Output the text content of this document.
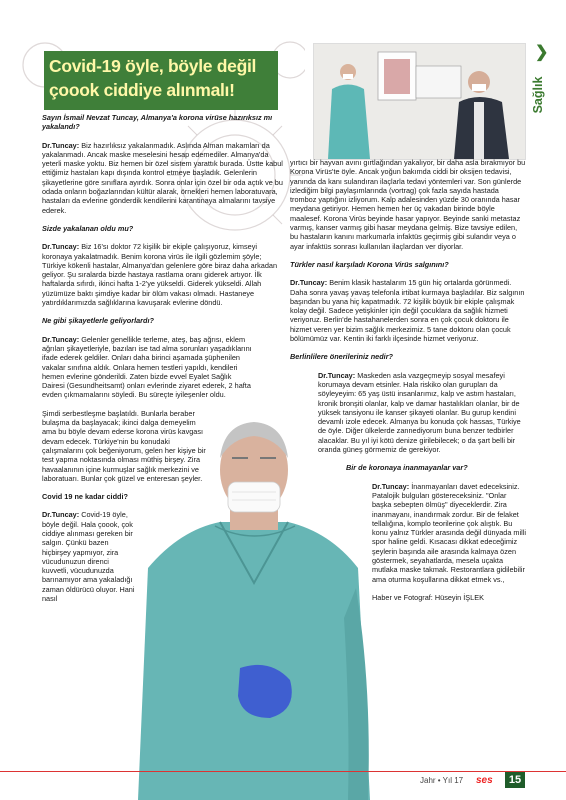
Covid-19 öyle, böyle değil
çoook ciddiye alınmalı!
❯
Sağlık

Sayın İsmail Nevzat Tuncay, Almanya'a korona virüse hazırıksız mı yakalandı?

Dr.Tuncay: Biz hazırlıksız yakalanmadık. Aslında Alman makamları da yakalanmadı. Ancak maske meselesini hesap edemediler. Almanya'da yeterli maske yoktu. Biz hemen bir özel sistem yarattık burada. Üstte kabul ettiğimiz hastaları kapı dışında kontrol etmeye başladık. Gelenlerin şikayetlerine göre sınıflara ayırdık. Sonra onlar için özel bir oda açtık ve bu odada onların boğazlarından kültür alarak, örnekleri hemen laboratuvara, hastaları da evlerine gönderdik kendilerini karantinaya almalarını tavsiye ederek.

Sizde yakalanan oldu mu?

Dr.Tuncay: Biz 16'sı doktor 72 kişilik bir ekiple çalışıyoruz, kimseyi koronaya yakalatmadık. Benim korona virüs ile ilgili gözlemim şöyle; Türkiye kökenli hastalar, Almanya'dan gelenlere göre biraz daha arkadan geliyor. Şu sıralarda bizde hastaya rastlama oranı giderek artıyor. İlk haftalarda sıfırdı, ikinci hafta 1-2'ye yükseldi. Giderek yükseldi. Allah yüzümüze baktı şimdiye kadar bir ölüm vakası olmadı. Hastaneye yatırdıklarımızda sağlıklarına kavuşarak evlerine döndü.

Ne gibi şikayetlerle geliyorlardı?

Dr.Tuncay: Gelenler genellikle terleme, ateş, baş ağrısı, eklem ağrıları şikayetleriyle, bazıları ise tad alma sorunları yaşadıklarını ifade ederek geldiler. Onları daha birinci aşamada şüphenilen vakalar sınıfına aldık. Onlara hemen testleri yapıldı, kendileri hemen evlerine gönderildi. Zaten bizde evvel Eyalet Sağlık Dairesi (Gesundheitsamt) onları evlerinde ziyaret ederek, 2 hafta evden çıkmamalarını söyledi. Bu süreçte iyileşenler oldu.

Şimdi serbestleşme başlatıldı. Bunlarla beraber bulaşma da başlayacak; ikinci dalga demeyelim ama bu böyle devam ederse korona virüs kavgası devam edecek. Türkiye'nin bu konudaki çalışmalarını çok beğeniyorum, gelen her kişiye bir test yapma noktasında olması müthiş birşey. Zira havaalanının içine kurmuşlar sağlık merkezini ve laboratuarı. Bunlar çok güzel ve enteresan şeyler.

Covid 19 ne kadar ciddi?

Dr.Tuncay: Covid-19 öyle, böyle değil. Hala çoook, çok ciddiye alınması gereken bir salgın. Çünkü bazen hiçbirşey yapmıyor, zira vücudunuzun direnci kuvvetli, vücudunuzda barınamıyor ama yakaladığı zaman öldürücü oluyor. Hani nasıl

yırtıcı bir hayvan avını gırtlağından yakalıyor, bir daha asla bırakmıyor bu Korona Virüs'te öyle. Ancak yoğun bakımda ciddi bir oksijen tedavisi, yanında da kanı sulandıran ilaçlarla tedavi yöntemleri var. Son günlerde izlediğim bilgi paylaşımlarında (vortrag) çok fazla sayıda hastada tromboz yaptığını izliyorum. Kalp adalesinden yüzde 30 oranında hasar meydana getiriyor. Hemen hemen her üç vakadan birinde böyle maalesef. Korona Virüs beyinde hasar yapıyor. Beyinde sanki metastaz varmış, kanser varmış gibi hasar meydana gelmiş. Bize tavsiye edilen, bu hastaların kanını markumarla infaktüs geçirmiş gibi sulandır veya o ayar infaktüs sonrası kullanılan ilaçlardan ver diyorlar.

Türkler nasıl karşıladı Korona Virüs salgınını?

Dr.Tuncay: Benim klasik hastalarım 15 gün hiç ortalarda görünmedi. Daha sonra yavaş yavaş telefonla irtibat kurmaya başladılar. Biz salgının başından bu yana hiç kapatmadık. 72 kişilik büyük bir ekiple çalışmak kolay değil. Sadece yetişkinler için değil çocuklara da sağlık hizmeti veriyoruz. Berlin'de hastahanelerden sonra en çok çocuk doktoru ile hizmet veren yer bizim sağlık merkezimiz. 5 tane doktoru olan çocuk bölümümüz var. Kentin iki farklı ilçesinde hizmet veriyoruz.

Berlinlilere önerileriniz nedir?

Dr.Tuncay: Maskeden asla vazgeçmeyip sosyal mesafeyi korumaya devam etsinler. Hala riskiko olan gurupları da söyleyeyim: 65 yaş üstü insanlarımız, kalp ve astım hastaları, kronik bronşiti olanlar, kalp ve damar hastalıkları olanlar, bir de yüksek tansiyonu ile kanser şikayeti olanlar. Bu gurup kendini devamlı izole edecek. Almanya bu konuda çok hassas, Türkiye de öyle. Diğer ülkelerde zannediyorum buna benzer tedbirler alacaklar. Bu yıl iyi kötü denize girilebilecek; o da şart belli bir oranda güneş görmemiz de gerekiyor.

Bir de koronaya inanmayanlar var?

Dr.Tuncay: İnanmayanları davet edeceksiniz. Patalojik bulguları göstereceksiniz. "Onlar başka sebepten ölmüş" diyeceklerdir. Zira inanmayanı, inandırmak zordur. Bir de felaket tellalığına, komplo teorilerine çok alıştık. Bu konu yalnız Türkler arasında değil dünyada milli spor haline geldi. Kısacası dikkat edeceğimiz şeylerin başında aile arasında kalmaya özen göstermek, seyahatlarda, mesela uçakta mutlaka maske takmak. Restorantlara gidilebilir ama oturma koşullarına dikkat etmek vs.,

Haber ve Fotograf: Hüseyin İŞLEK

Jahr • Yıl 17 ses	15
